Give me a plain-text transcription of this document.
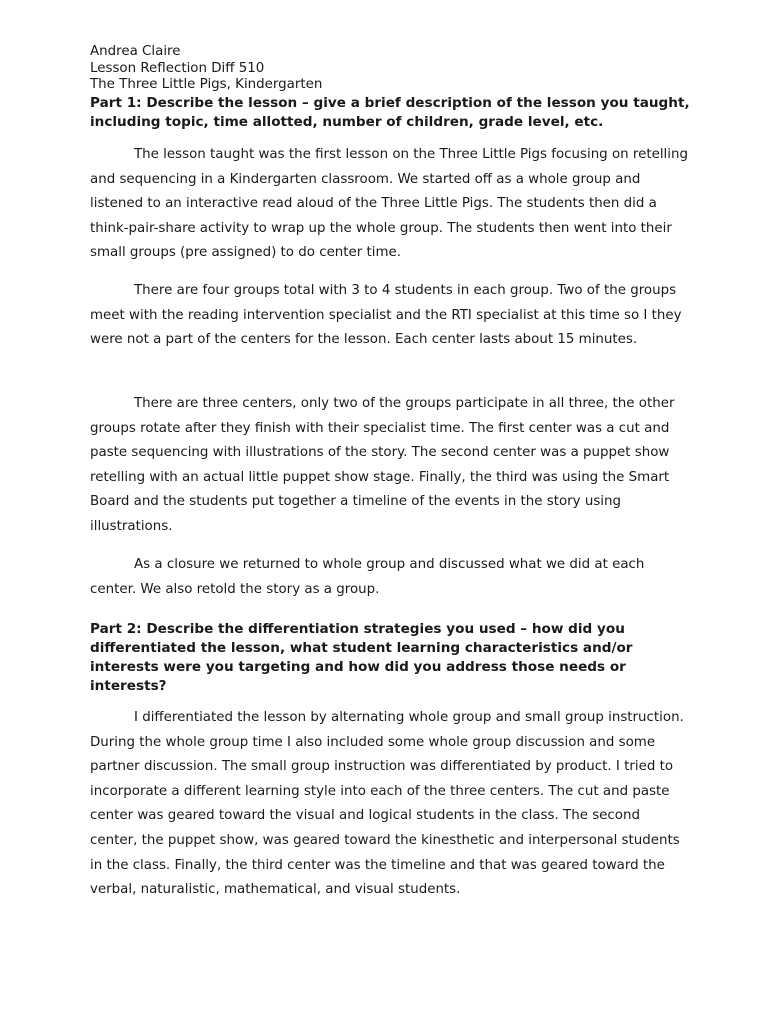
Andrea Claire
Lesson Reflection Diff 510
The Three Little Pigs, Kindergarten

Part 1: Describe the lesson – give a brief description of the lesson you taught, including topic, time allotted, number of children, grade level, etc.

The lesson taught was the first lesson on the Three Little Pigs focusing on retelling and sequencing in a Kindergarten classroom. We started off as a whole group and listened to an interactive read aloud of the Three Little Pigs. The students then did a think-pair-share activity to wrap up the whole group. The students then went into their small groups (pre assigned) to do center time.

There are four groups total with 3 to 4 students in each group. Two of the groups meet with the reading intervention specialist and the RTI specialist at this time so I they were not a part of the centers for the lesson. Each center lasts about 15 minutes.

There are three centers, only two of the groups participate in all three, the other groups rotate after they finish with their specialist time. The first center was a cut and paste sequencing with illustrations of the story. The second center was a puppet show retelling with an actual little puppet show stage. Finally, the third was using the Smart Board and the students put together a timeline of the events in the story using illustrations.

As a closure we returned to whole group and discussed what we did at each center. We also retold the story as a group.

Part 2: Describe the differentiation strategies you used – how did you differentiated the lesson, what student learning characteristics and/or interests were you targeting and how did you address those needs or interests?

I differentiated the lesson by alternating whole group and small group instruction. During the whole group time I also included some whole group discussion and some partner discussion. The small group instruction was differentiated by product. I tried to incorporate a different learning style into each of the three centers. The cut and paste center was geared toward the visual and logical students in the class. The second center, the puppet show, was geared toward the kinesthetic and interpersonal students in the class. Finally, the third center was the timeline and that was geared toward the verbal, naturalistic, mathematical, and visual students.
